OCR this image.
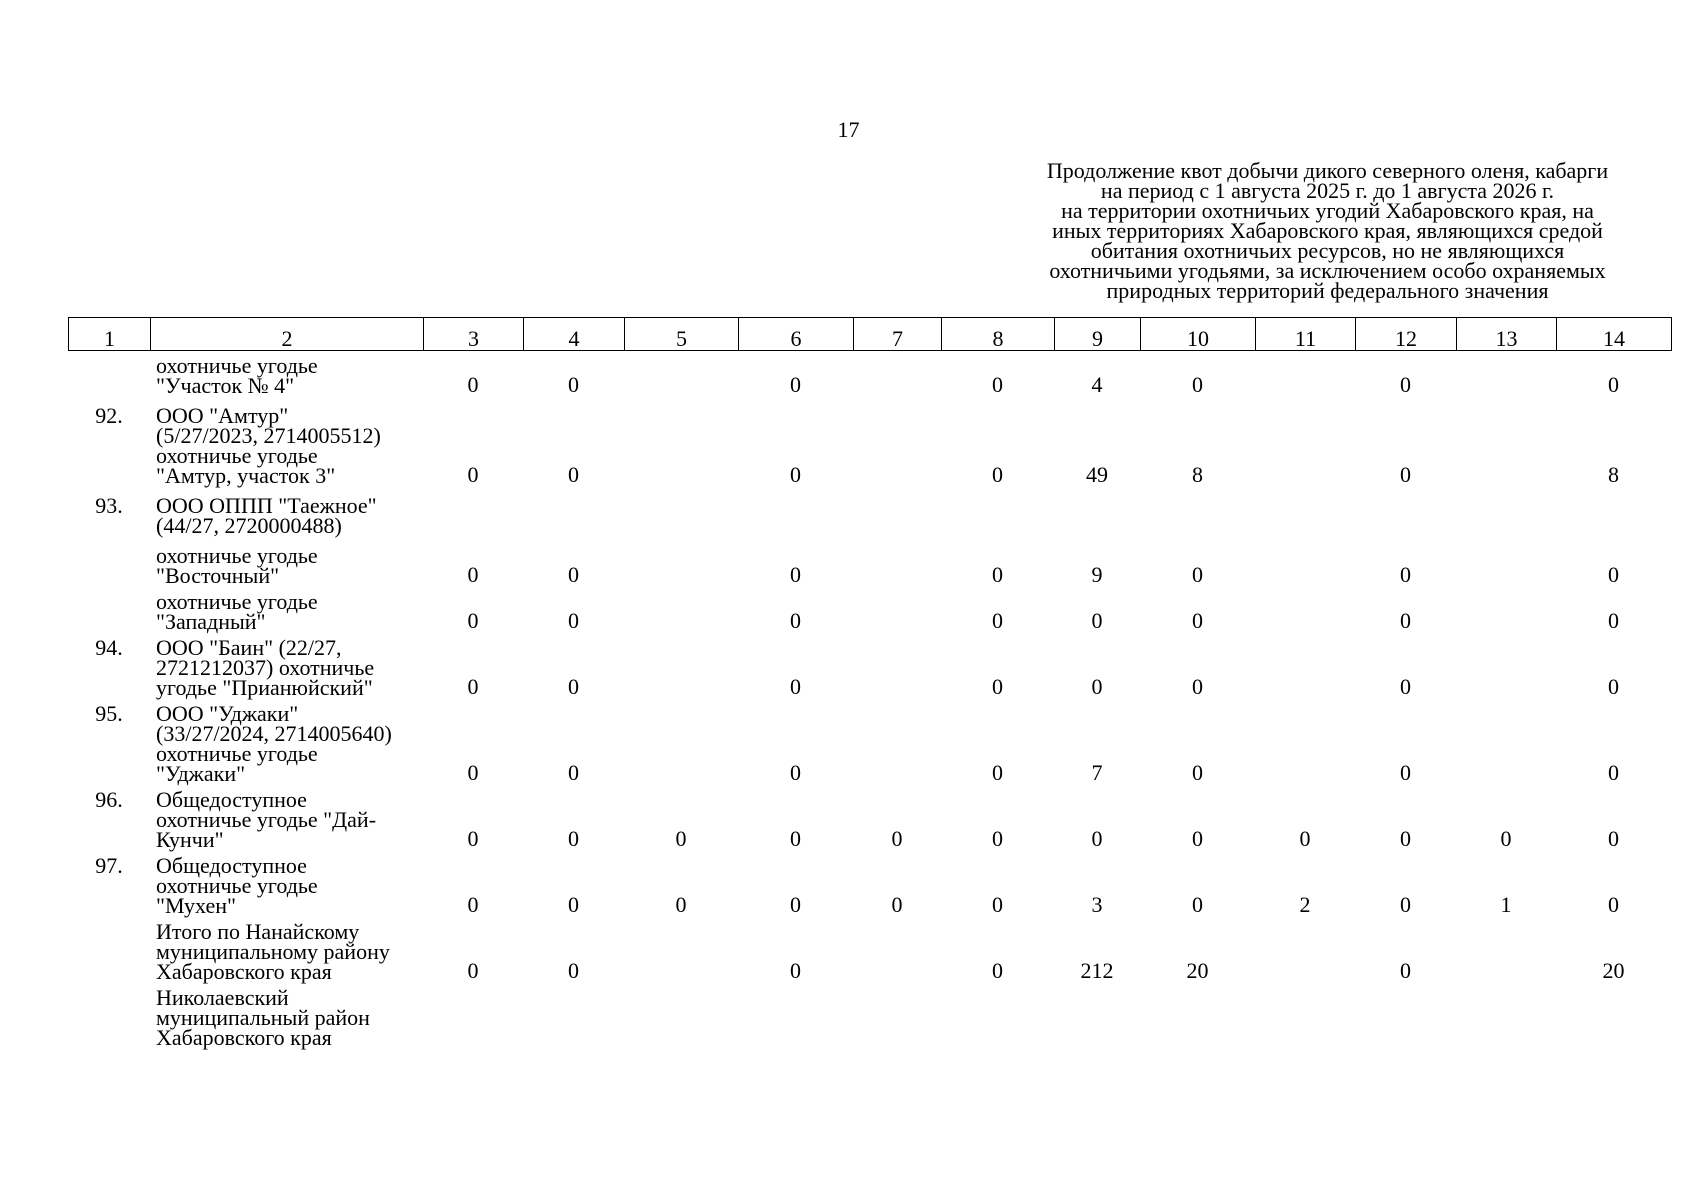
17
Продолжение квот добычи дикого северного оленя, кабарги
на период с 1 августа 2025 г. до 1 августа 2026 г.
на территории охотничьих угодий Хабаровского края, на
иных территориях Хабаровского края, являющихся средой
обитания охотничьих ресурсов, но не являющихся
охотничьими угодьями, за исключением особо охраняемых
природных территорий федерального значения
1	2	3	4	5	6	7	8	9	10	11	12	13	14

	охотничье угодье
"Участок № 4"	0	0		0		0	4	0		0		0

92.	ООО "Амтур"
(5/27/2023, 2714005512)
охотничье угодье
"Амтур, участок 3"	0	0		0		0	49	8		0		8

93.	ООО ОППП "Таежное"
(44/27, 2720000488)												

	охотничье угодье
"Восточный"	0	0		0		0	9	0		0		0

	охотничье угодье
"Западный"	0	0		0		0	0	0		0		0

94.	ООО "Баин" (22/27,
2721212037) охотничье
угодье "Прианюйский"	0	0		0		0	0	0		0		0

95.	ООО "Уджаки"
(33/27/2024, 2714005640)
охотничье угодье
"Уджаки"	0	0		0		0	7	0		0		0

96.	Общедоступное
охотничье угодье "Дай-
Кунчи"	0	0	0	0	0	0	0	0	0	0	0	0

97.	Общедоступное
охотничье угодье
"Мухен"	0	0	0	0	0	0	3	0	2	0	1	0

	Итого по Нанайскому
муниципальному району
Хабаровского края	0	0		0		0	212	20		0		20

	Николаевский
муниципальный район
Хабаровского края												
